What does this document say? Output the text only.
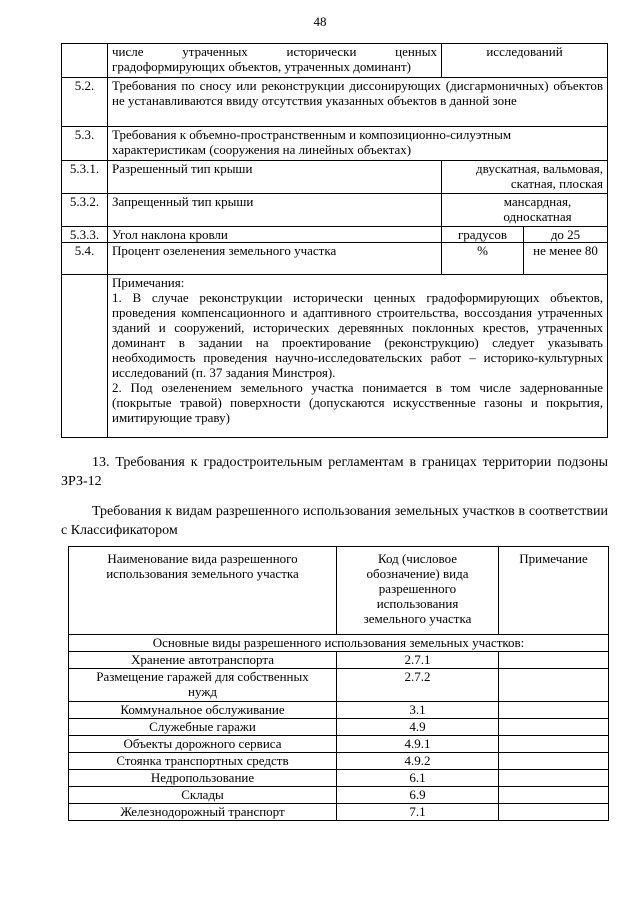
48
	числе утраченных исторически ценных градоформирующих объектов, утраченных доминант)	исследований	
5.2.	Требования по сносу или реконструкции диссонирующих (дисгармоничных) объектов не устанавливаются ввиду отсутствия указанных объектов в данной зоне		
5.3.	Требования к объемно-пространственным и композиционно-силуэтным характеристикам (сооружения на линейных объектах)		
5.3.1.	Разрешенный тип крыши	двускатная, вальмовая, скатная, плоская	
5.3.2.	Запрещенный тип крыши	мансардная, односкатная	
5.3.3.	Угол наклона кровли	градусов	до 25
5.4.	Процент озеленения земельного участка	%	не менее 80

	Примечания:

1. В случае реконструкции исторически ценных градоформирующих объектов, проведения компенсационного и адаптивного строительства, воссоздания утраченных зданий и сооружений, исторических деревянных поклонных крестов, утраченных доминант в задании на проектирование (реконструкцию) следует указывать необходимость проведения научно-исследовательских работ – историко-культурных исследований (п. 37 задания Минстроя).

2. Под озеленением земельного участка понимается в том числе задернованные (покрытые травой) поверхности (допускаются искусственные газоны и покрытия, имитирующие траву)		

13. Требования к градостроительным регламентам в границах территории подзоны ЗРЗ-12
Требования к видам разрешенного использования земельных участков в соответствии с Классификатором
Наименование вида разрешенного использования земельного участка	Код (числовое обозначение) вида разрешенного использования земельного участка	Примечание
Основные виды разрешенного использования земельных участков:		
Хранение автотранспорта	2.7.1	
Размещение гаражей для собственных нужд	2.7.2	
Коммунальное обслуживание	3.1	
Служебные гаражи	4.9	
Объекты дорожного сервиса	4.9.1	
Стоянка транспортных средств	4.9.2	
Недропользование	6.1	
Склады	6.9	
Железнодорожный транспорт	7.1	
